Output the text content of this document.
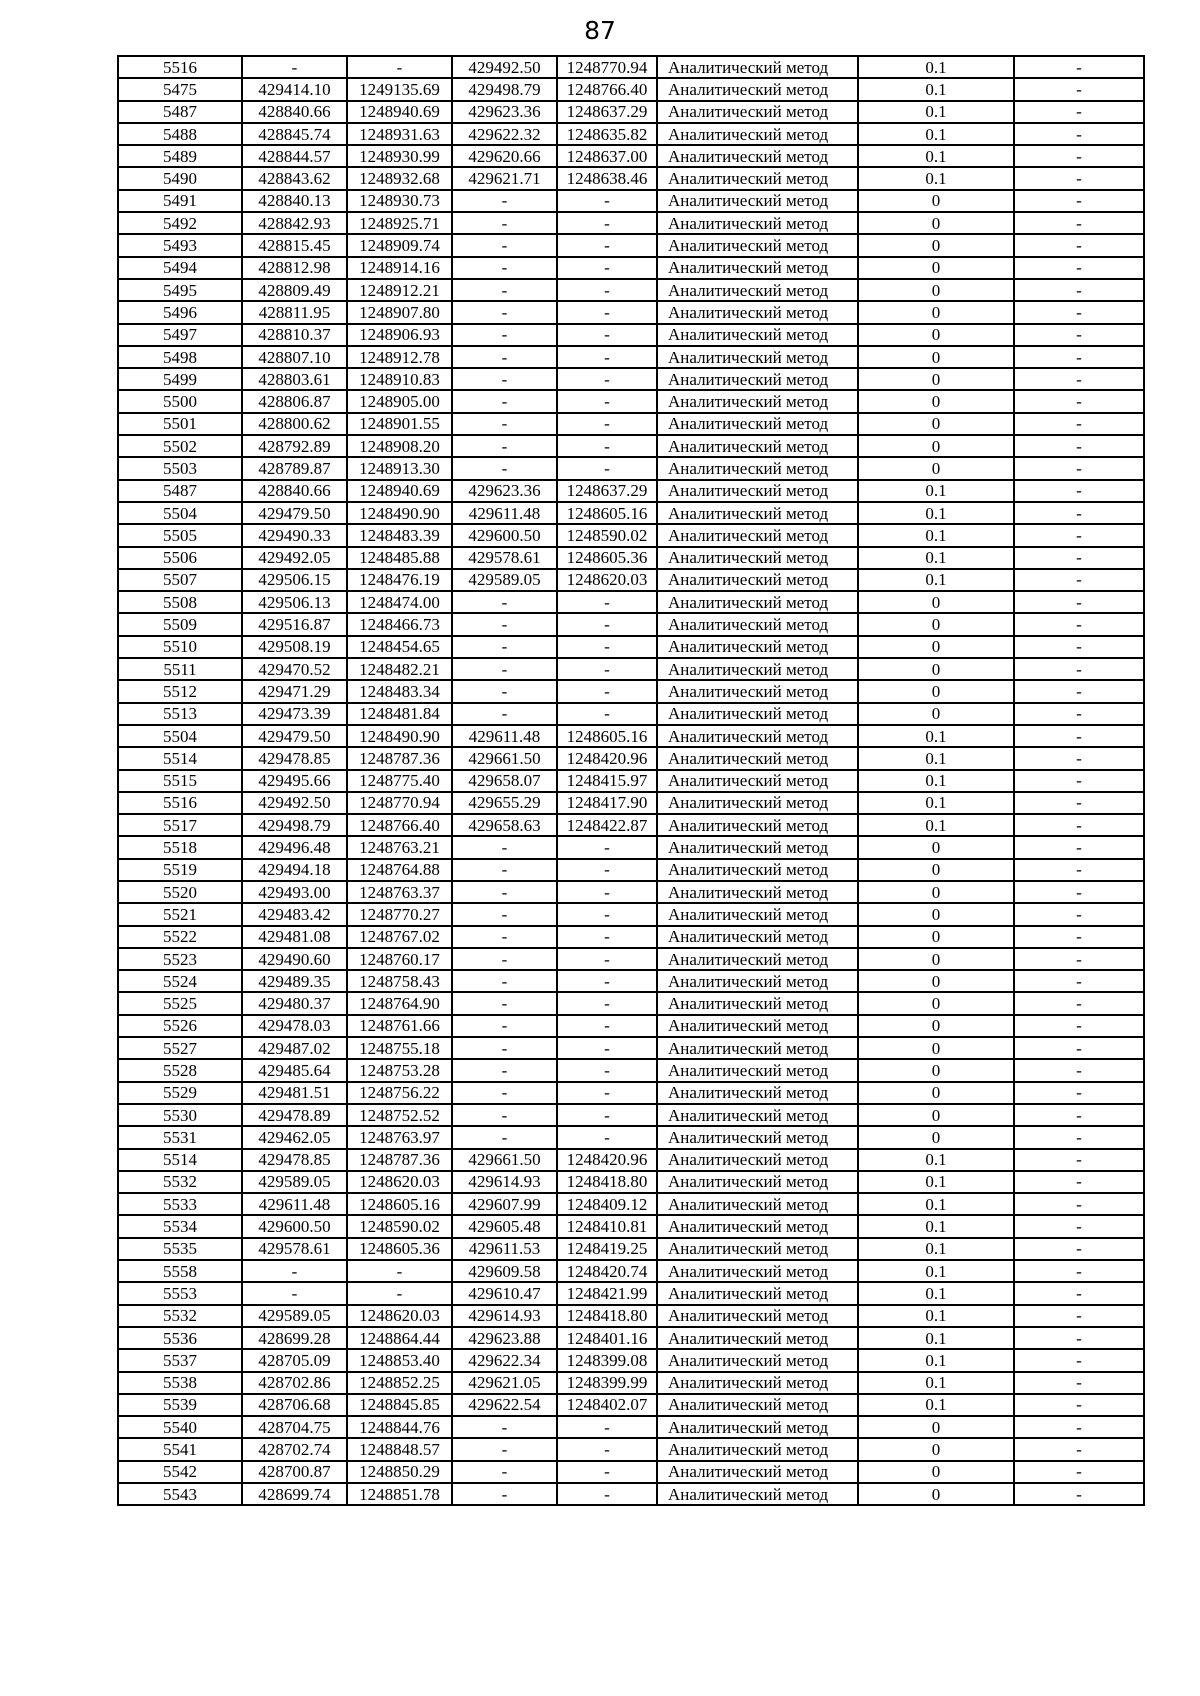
87
5516	-	-	429492.50	1248770.94	Аналитический метод	0.1	-
5475	429414.10	1249135.69	429498.79	1248766.40	Аналитический метод	0.1	-
5487	428840.66	1248940.69	429623.36	1248637.29	Аналитический метод	0.1	-
5488	428845.74	1248931.63	429622.32	1248635.82	Аналитический метод	0.1	-
5489	428844.57	1248930.99	429620.66	1248637.00	Аналитический метод	0.1	-
5490	428843.62	1248932.68	429621.71	1248638.46	Аналитический метод	0.1	-
5491	428840.13	1248930.73	-	-	Аналитический метод	0	-
5492	428842.93	1248925.71	-	-	Аналитический метод	0	-
5493	428815.45	1248909.74	-	-	Аналитический метод	0	-
5494	428812.98	1248914.16	-	-	Аналитический метод	0	-
5495	428809.49	1248912.21	-	-	Аналитический метод	0	-
5496	428811.95	1248907.80	-	-	Аналитический метод	0	-
5497	428810.37	1248906.93	-	-	Аналитический метод	0	-
5498	428807.10	1248912.78	-	-	Аналитический метод	0	-
5499	428803.61	1248910.83	-	-	Аналитический метод	0	-
5500	428806.87	1248905.00	-	-	Аналитический метод	0	-
5501	428800.62	1248901.55	-	-	Аналитический метод	0	-
5502	428792.89	1248908.20	-	-	Аналитический метод	0	-
5503	428789.87	1248913.30	-	-	Аналитический метод	0	-
5487	428840.66	1248940.69	429623.36	1248637.29	Аналитический метод	0.1	-
5504	429479.50	1248490.90	429611.48	1248605.16	Аналитический метод	0.1	-
5505	429490.33	1248483.39	429600.50	1248590.02	Аналитический метод	0.1	-
5506	429492.05	1248485.88	429578.61	1248605.36	Аналитический метод	0.1	-
5507	429506.15	1248476.19	429589.05	1248620.03	Аналитический метод	0.1	-
5508	429506.13	1248474.00	-	-	Аналитический метод	0	-
5509	429516.87	1248466.73	-	-	Аналитический метод	0	-
5510	429508.19	1248454.65	-	-	Аналитический метод	0	-
5511	429470.52	1248482.21	-	-	Аналитический метод	0	-
5512	429471.29	1248483.34	-	-	Аналитический метод	0	-
5513	429473.39	1248481.84	-	-	Аналитический метод	0	-
5504	429479.50	1248490.90	429611.48	1248605.16	Аналитический метод	0.1	-
5514	429478.85	1248787.36	429661.50	1248420.96	Аналитический метод	0.1	-
5515	429495.66	1248775.40	429658.07	1248415.97	Аналитический метод	0.1	-
5516	429492.50	1248770.94	429655.29	1248417.90	Аналитический метод	0.1	-
5517	429498.79	1248766.40	429658.63	1248422.87	Аналитический метод	0.1	-
5518	429496.48	1248763.21	-	-	Аналитический метод	0	-
5519	429494.18	1248764.88	-	-	Аналитический метод	0	-
5520	429493.00	1248763.37	-	-	Аналитический метод	0	-
5521	429483.42	1248770.27	-	-	Аналитический метод	0	-
5522	429481.08	1248767.02	-	-	Аналитический метод	0	-
5523	429490.60	1248760.17	-	-	Аналитический метод	0	-
5524	429489.35	1248758.43	-	-	Аналитический метод	0	-
5525	429480.37	1248764.90	-	-	Аналитический метод	0	-
5526	429478.03	1248761.66	-	-	Аналитический метод	0	-
5527	429487.02	1248755.18	-	-	Аналитический метод	0	-
5528	429485.64	1248753.28	-	-	Аналитический метод	0	-
5529	429481.51	1248756.22	-	-	Аналитический метод	0	-
5530	429478.89	1248752.52	-	-	Аналитический метод	0	-
5531	429462.05	1248763.97	-	-	Аналитический метод	0	-
5514	429478.85	1248787.36	429661.50	1248420.96	Аналитический метод	0.1	-
5532	429589.05	1248620.03	429614.93	1248418.80	Аналитический метод	0.1	-
5533	429611.48	1248605.16	429607.99	1248409.12	Аналитический метод	0.1	-
5534	429600.50	1248590.02	429605.48	1248410.81	Аналитический метод	0.1	-
5535	429578.61	1248605.36	429611.53	1248419.25	Аналитический метод	0.1	-
5558	-	-	429609.58	1248420.74	Аналитический метод	0.1	-
5553	-	-	429610.47	1248421.99	Аналитический метод	0.1	-
5532	429589.05	1248620.03	429614.93	1248418.80	Аналитический метод	0.1	-
5536	428699.28	1248864.44	429623.88	1248401.16	Аналитический метод	0.1	-
5537	428705.09	1248853.40	429622.34	1248399.08	Аналитический метод	0.1	-
5538	428702.86	1248852.25	429621.05	1248399.99	Аналитический метод	0.1	-
5539	428706.68	1248845.85	429622.54	1248402.07	Аналитический метод	0.1	-
5540	428704.75	1248844.76	-	-	Аналитический метод	0	-
5541	428702.74	1248848.57	-	-	Аналитический метод	0	-
5542	428700.87	1248850.29	-	-	Аналитический метод	0	-
5543	428699.74	1248851.78	-	-	Аналитический метод	0	-
